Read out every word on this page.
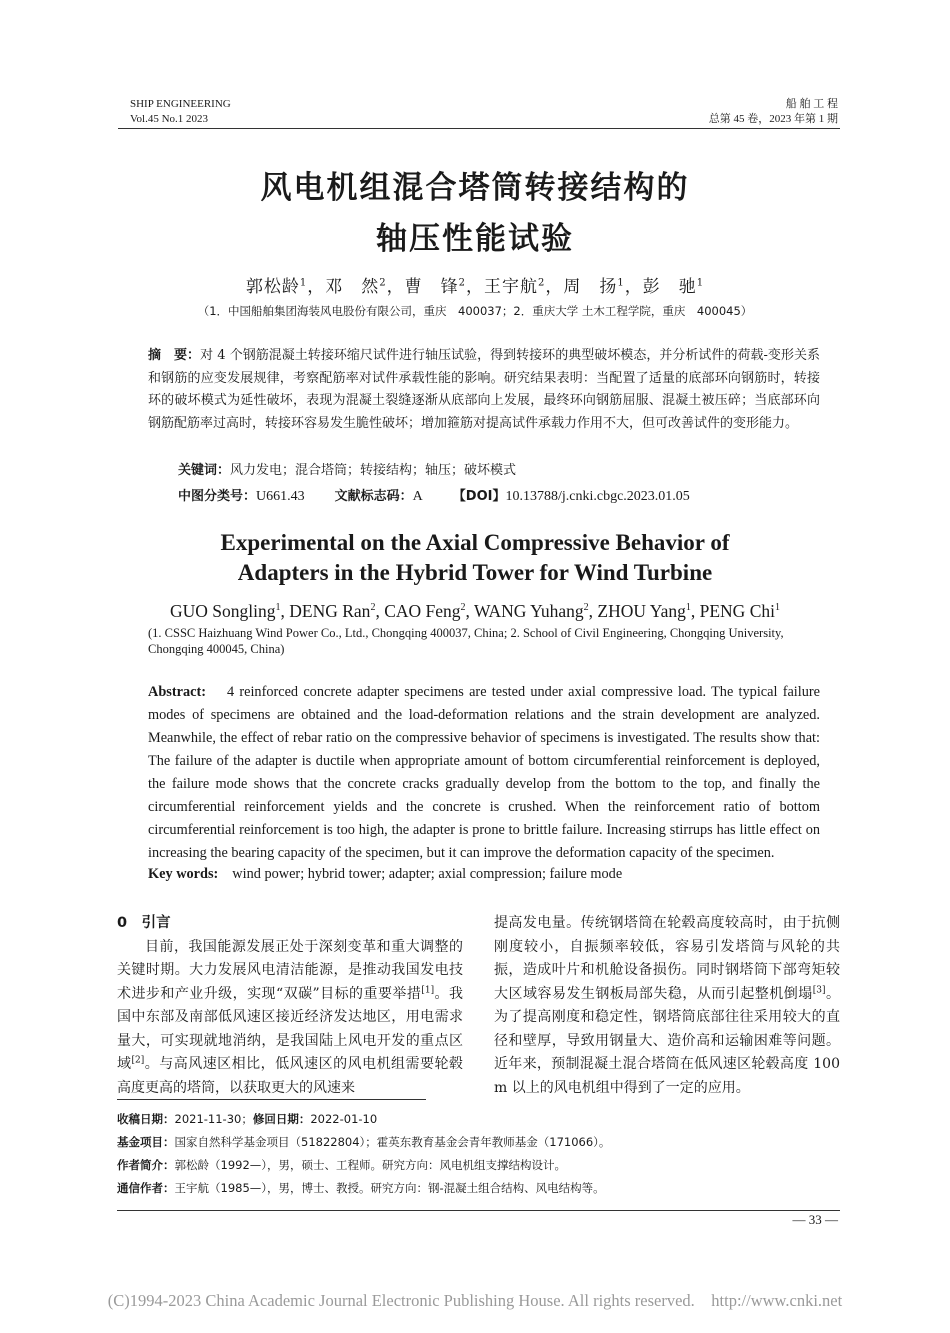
SHIP ENGINEERING
Vol.45 No.1 2023
船 舶 工 程
总第 45 卷，2023 年第 1 期
风电机组混合塔筒转接结构的
轴压性能试验
郭松龄$^1$，邓　然$^2$，曹　锋$^2$，王宇航$^2$，周　扬$^1$，彭　驰$^1$
（1．中国船舶集团海装风电股份有限公司，重庆　400037；2．重庆大学 土木工程学院，重庆　400045）
摘　要：对 4 个钢筋混凝土转接环缩尺试件进行轴压试验，得到转接环的典型破坏模态，并分析试件的荷载-变形关系和钢筋的应变发展规律，考察配筋率对试件承载性能的影响。研究结果表明：当配置了适量的底部环向钢筋时，转接环的破坏模式为延性破坏，表现为混凝土裂缝逐渐从底部向上发展，最终环向钢筋屈服、混凝土被压碎；当底部环向钢筋配筋率过高时，转接环容易发生脆性破坏；增加箍筋对提高试件承载力作用不大，但可改善试件的变形能力。
关键词：风力发电；混合塔筒；转接结构；轴压；破坏模式
中图分类号：U661.43 文献标志码：A 【DOI】10.13788/j.cnki.cbgc.2023.01.05
Experimental on the Axial Compressive Behavior of
Adapters in the Hybrid Tower for Wind Turbine
GUO Songling$^1$, DENG Ran$^2$, CAO Feng$^2$, WANG Yuhang$^2$, ZHOU Yang$^1$, PENG Chi$^1$
(1. CSSC Haizhuang Wind Power Co., Ltd., Chongqing 400037, China; 2. School of Civil Engineering, Chongqing University, Chongqing 400045, China)
Abstract: 4 reinforced concrete adapter specimens are tested under axial compressive load. The typical failure modes of specimens are obtained and the load-deformation relations and the strain development are analyzed. Meanwhile, the effect of rebar ratio on the compressive behavior of specimens is investigated. The results show that: The failure of the adapter is ductile when appropriate amount of bottom circumferential reinforcement is deployed, the failure mode shows that the concrete cracks gradually develop from the bottom to the top, and finally the circumferential reinforcement yields and the concrete is crushed. When the reinforcement ratio of bottom circumferential reinforcement is too high, the adapter is prone to brittle failure. Increasing stirrups has little effect on increasing the bearing capacity of the specimen, but it can improve the deformation capacity of the specimen.
Key words: wind power; hybrid tower; adapter; axial compression; failure mode
0　引言
目前，我国能源发展正处于深刻变革和重大调整的关键时期。大力发展风电清洁能源，是推动我国发电技术进步和产业升级，实现“双碳”目标的重要举措[1]。我国中东部及南部低风速区接近经济发达地区，用电需求量大，可实现就地消纳，是我国陆上风电开发的重点区域[2]。与高风速区相比，低风速区的风电机组需要轮毂高度更高的塔筒，以获取更大的风速来
提高发电量。传统钢塔筒在轮毂高度较高时，由于抗侧刚度较小，自振频率较低，容易引发塔筒与风轮的共振，造成叶片和机舱设备损伤。同时钢塔筒下部弯矩较大区域容易发生钢板局部失稳，从而引起整机倒塌[3]。为了提高刚度和稳定性，钢塔筒底部往往采用较大的直径和壁厚，导致用钢量大、造价高和运输困难等问题。近年来，预制混凝土混合塔筒在低风速区轮毂高度 100 m 以上的风电机组中得到了一定的应用。
收稿日期：2021-11-30；修回日期：2022-01-10
基金项目：国家自然科学基金项目（51822804）；霍英东教育基金会青年教师基金（171066）。
作者简介：郭松龄（1992—），男，硕士、工程师。研究方向：风电机组支撑结构设计。
通信作者：王宇航（1985—），男，博士、教授。研究方向：钢-混凝土组合结构、风电结构等。
— 33 —
(C)1994-2023 China Academic Journal Electronic Publishing House. All rights reserved.　http://www.cnki.net
